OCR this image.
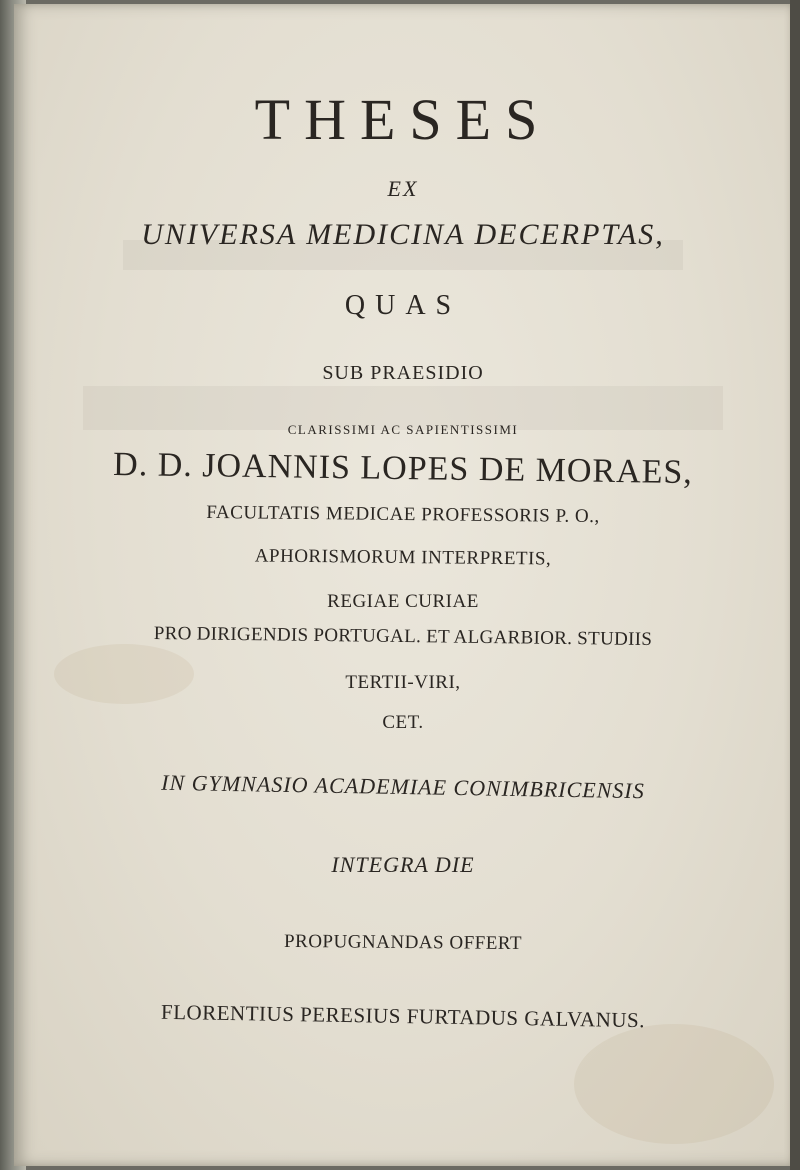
THESES
EX
UNIVERSA MEDICINA DECERPTAS,
QUAS
SUB PRAESIDIO
CLARISSIMI AC SAPIENTISSIMI
D. D. JOANNIS LOPES DE MORAES,
FACULTATIS MEDICAE PROFESSORIS P. O.,
APHORISMORUM INTERPRETIS,
REGIAE CURIAE
PRO DIRIGENDIS PORTUGAL. ET ALGARBIOR. STUDIIS
TERTII-VIRI,
CET.
IN GYMNASIO ACADEMIAE CONIMBRICENSIS
INTEGRA DIE
PROPUGNANDAS OFFERT
FLORENTIUS PERESIUS FURTADUS GALVANUS.
